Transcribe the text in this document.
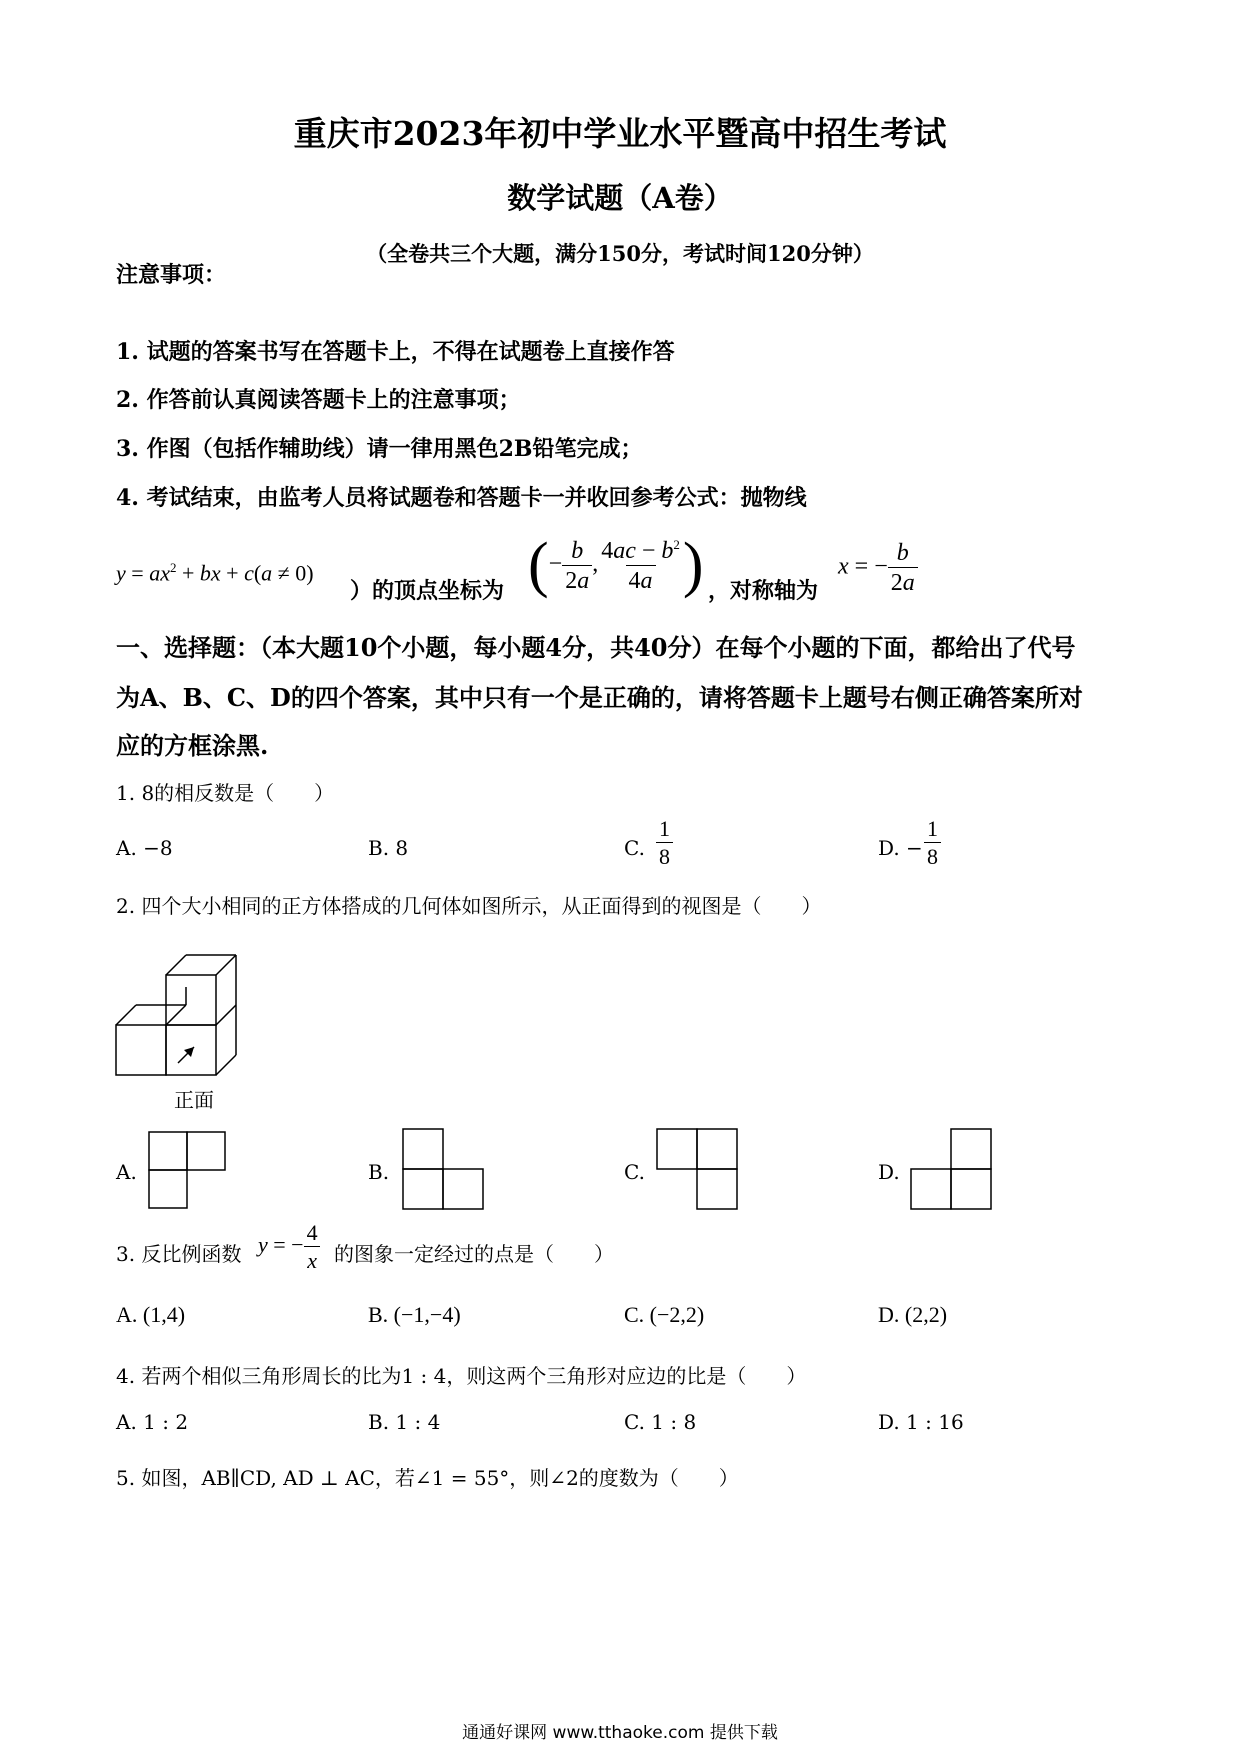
重庆市2023年初中学业水平暨高中招生考试
数学试题（A卷）
（全卷共三个大题，满分150分，考试时间120分钟）
注意事项：
1. 试题的答案书写在答题卡上，不得在试题卷上直接作答
2. 作答前认真阅读答题卡上的注意事项；
3. 作图（包括作辅助线）请一律用黑色2B铅笔完成；
4. 考试结束，由监考人员将试题卷和答题卡一并收回参考公式：抛物线
$y = ax^2$ + bx + c(a ≠ 0)
）的顶点坐标为 (− $\frac{b}{2a}$ , $\frac{4ac - b^2}{4a}$ ) ，对称轴为
x = − $\frac{b}{2a}$
一、选择题：（本大题10个小题，每小题4分，共40分）在每个小题的下面，都给出了代号
为A、B、C、D的四个答案，其中只有一个是正确的，请将答题卡上题号右侧正确答案所对
应的方框涂黑.
1. 8的相反数是（　　）
A. −8	B. 8	C. $\frac{1}{8}$	D. − $\frac{1}{8}$
2. 四个大小相同的正方体搭成的几何体如图所示，从正面得到的视图是（　　）
正面
A.	B.	C.	D.
3. 反比例函数 y = − $\frac{4}{x}$ 的图象一定经过的点是（　　）
A. (1,4)	B. (−1,−4)	C. (−2,2)	D. (2,2)
4. 若两个相似三角形周长的比为1 : 4，则这两个三角形对应边的比是（　　）
A. 1 : 2	B. 1 : 4	C. 1 : 8	D. 1 : 16
5. 如图，AB∥CD, AD ⊥ AC，若∠1 = 55°，则∠2的度数为（　　）
通通好课网 www.tthaoke.com 提供下载
